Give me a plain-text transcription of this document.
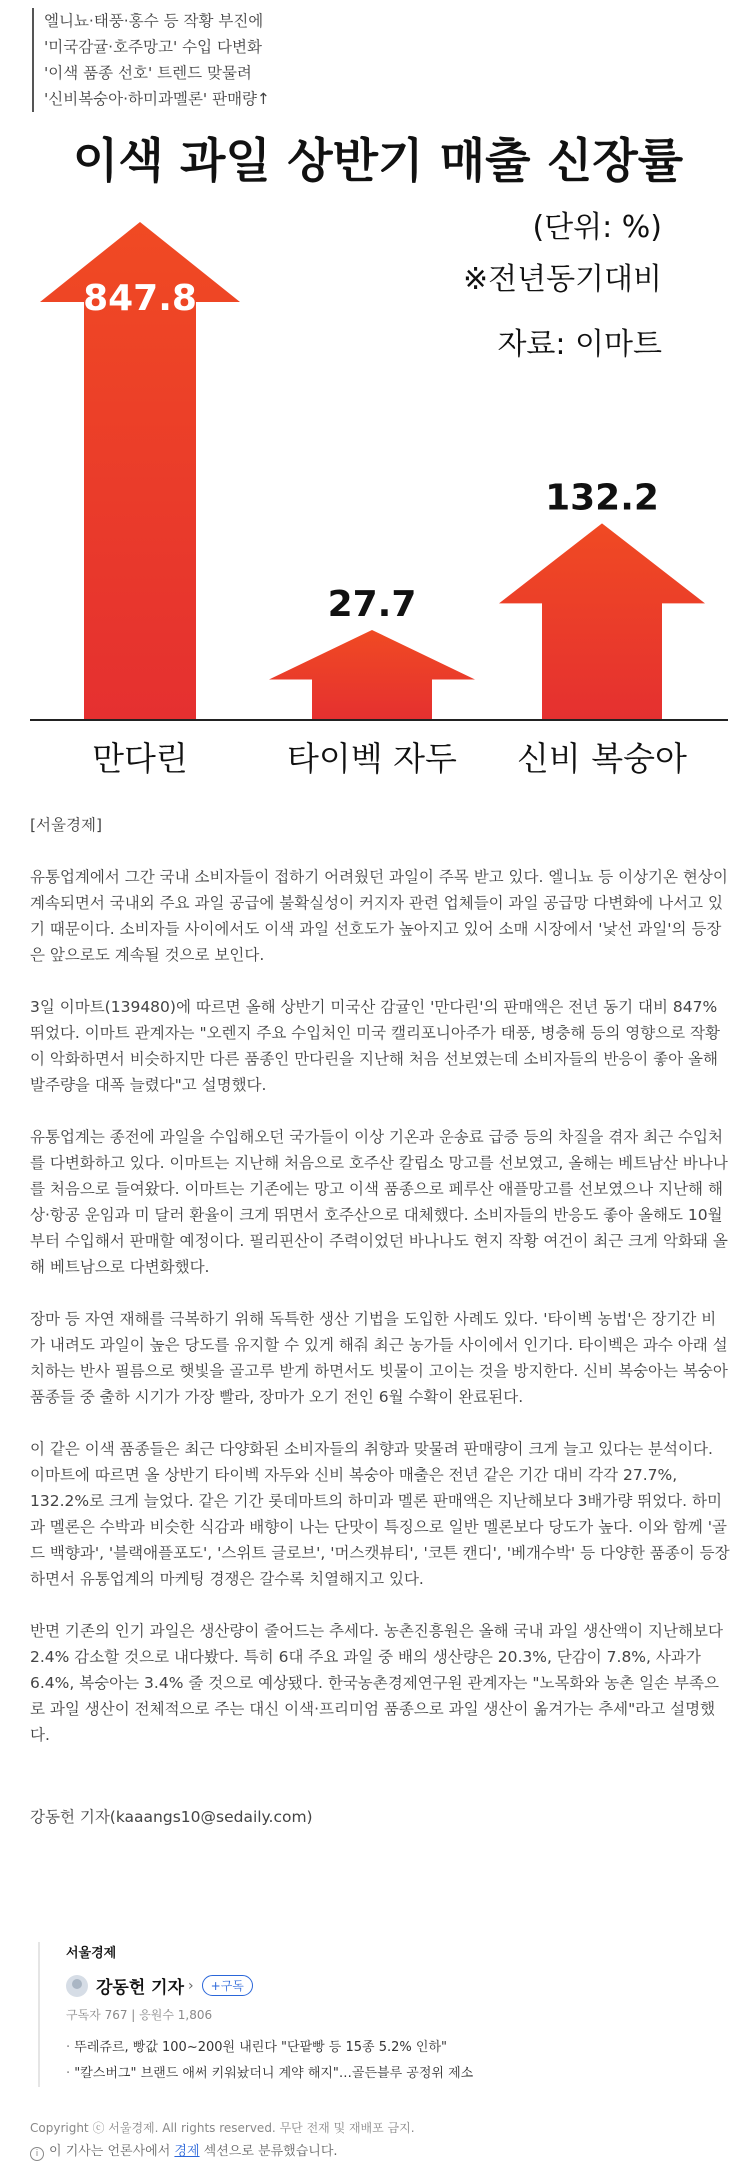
엘니뇨·태풍·홍수 등 작황 부진에
'미국감귤·호주망고' 수입 다변화
'이색 품종 선호' 트렌드 맞물려
'신비복숭아·하미과멜론' 판매량↑
이색 과일 상반기 매출 신장률
(단위: %)
※전년동기대비
자료: 이마트
847.8
27.7
132.2
만다린	타이벡 자두 신비 복숭아
[서울경제]

유통업계에서 그간 국내 소비자들이 접하기 어려웠던 과일이 주목 받고 있다. 엘니뇨 등 이상기온 현상이 계속되면서 국내외 주요 과일 공급에 불확실성이 커지자 관련 업체들이 과일 공급망 다변화에 나서고 있기 때문이다. 소비자들 사이에서도 이색 과일 선호도가 높아지고 있어 소매 시장에서 '낯선 과일'의 등장은 앞으로도 계속될 것으로 보인다.

3일 이마트(139480)에 따르면 올해 상반기 미국산 감귤인 '만다린'의 판매액은 전년 동기 대비 847% 뛰었다. 이마트 관계자는 "오렌지 주요 수입처인 미국 캘리포니아주가 태풍, 병충해 등의 영향으로 작황이 악화하면서 비슷하지만 다른 품종인 만다린을 지난해 처음 선보였는데 소비자들의 반응이 좋아 올해 발주량을 대폭 늘렸다"고 설명했다.

유통업계는 종전에 과일을 수입해오던 국가들이 이상 기온과 운송료 급증 등의 차질을 겪자 최근 수입처를 다변화하고 있다. 이마트는 지난해 처음으로 호주산 칼립소 망고를 선보였고, 올해는 베트남산 바나나를 처음으로 들여왔다. 이마트는 기존에는 망고 이색 품종으로 페루산 애플망고를 선보였으나 지난해 해상·항공 운임과 미 달러 환율이 크게 뛰면서 호주산으로 대체했다. 소비자들의 반응도 좋아 올해도 10월부터 수입해서 판매할 예정이다. 필리핀산이 주력이었던 바나나도 현지 작황 여건이 최근 크게 악화돼 올해 베트남으로 다변화했다.

장마 등 자연 재해를 극복하기 위해 독특한 생산 기법을 도입한 사례도 있다. '타이벡 농법'은 장기간 비가 내려도 과일이 높은 당도를 유지할 수 있게 해줘 최근 농가들 사이에서 인기다. 타이벡은 과수 아래 설치하는 반사 필름으로 햇빛을 골고루 받게 하면서도 빗물이 고이는 것을 방지한다. 신비 복숭아는 복숭아 품종들 중 출하 시기가 가장 빨라, 장마가 오기 전인 6월 수확이 완료된다.

이 같은 이색 품종들은 최근 다양화된 소비자들의 취향과 맞물려 판매량이 크게 늘고 있다는 분석이다. 이마트에 따르면 올 상반기 타이벡 자두와 신비 복숭아 매출은 전년 같은 기간 대비 각각 27.7%, 132.2%로 크게 늘었다. 같은 기간 롯데마트의 하미과 멜론 판매액은 지난해보다 3배가량 뛰었다. 하미과 멜론은 수박과 비슷한 식감과 배향이 나는 단맛이 특징으로 일반 멜론보다 당도가 높다. 이와 함께 '골드 백향과', '블랙애플포도', '스위트 글로브', '머스캣뷰티', '코튼 캔디', '베개수박' 등 다양한 품종이 등장하면서 유통업계의 마케팅 경쟁은 갈수록 치열해지고 있다.

반면 기존의 인기 과일은 생산량이 줄어드는 추세다. 농촌진흥원은 올해 국내 과일 생산액이 지난해보다 2.4% 감소할 것으로 내다봤다. 특히 6대 주요 과일 중 배의 생산량은 20.3%, 단감이 7.8%, 사과가 6.4%, 복숭아는 3.4% 줄 것으로 예상됐다. 한국농촌경제연구원 관계자는 "노목화와 농촌 일손 부족으로 과일 생산이 전체적으로 주는 대신 이색·프리미엄 품종으로 과일 생산이 옮겨가는 추세"라고 설명했다.

강동헌 기자(kaaangs10@sedaily.com)
서울경제
강동헌 기자 ›	+구독
구독자 767 | 응원수 1,806
· 뚜레쥬르, 빵값 100~200원 내린다 "단팥빵 등 15종 5.2% 인하"
· "칼스버그" 브랜드 애써 키워놨더니 계약 해지"…골든블루 공정위 제소
Copyright ⓒ 서울경제. All rights reserved. 무단 전재 및 재배포 금지.
i 이 기사는 언론사에서 경제 섹션으로 분류했습니다.
